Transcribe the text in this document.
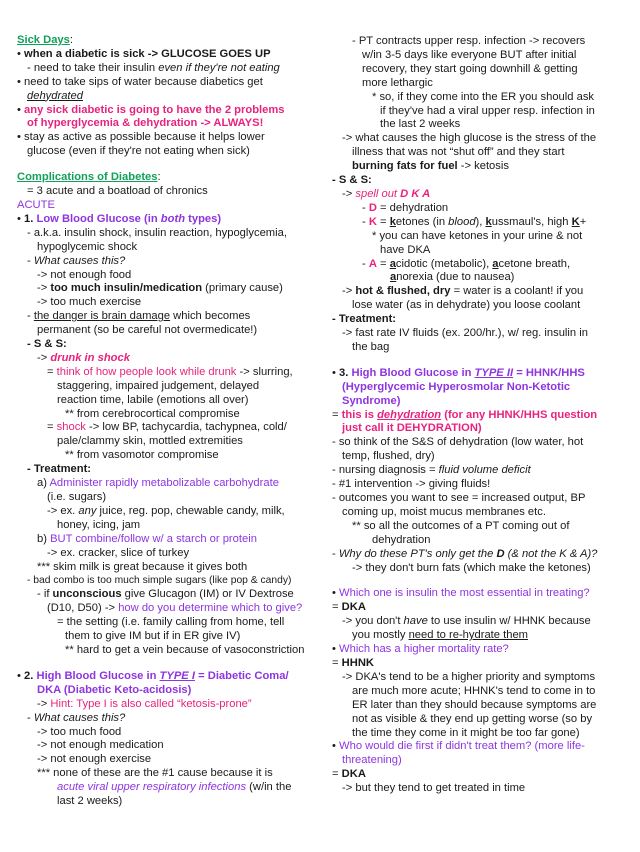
Sick Days:
• when a diabetic is sick -> GLUCOSE GOES UP
- need to take their insulin even if they're not eating
• need to take sips of water because diabetics get
dehydrated
• any sick diabetic is going to have the 2 problems
of hyperglycemia & dehydration -> ALWAYS!
• stay as active as possible because it helps lower
glucose (even if they're not eating when sick)
Complications of Diabetes:
= 3 acute and a boatload of chronics
ACUTE
• 1. Low Blood Glucose (in both types)
- a.k.a. insulin shock, insulin reaction, hypoglycemia,
hypoglycemic shock
- What causes this?
-> not enough food
-> too much insulin/medication (primary cause)
-> too much exercise
- the danger is brain damage which becomes
permanent (so be careful not overmedicate!)
- S & S:
-> drunk in shock
= think of how people look while drunk -> slurring,
staggering, impaired judgement, delayed
reaction time, labile (emotions all over)
** from cerebrocortical compromise
= shock -> low BP, tachycardia, tachypnea, cold/
pale/clammy skin, mottled extremities
** from vasomotor compromise
- Treatment:
a) Administer rapidly metabolizable carbohydrate
(i.e. sugars)
-> ex. any juice, reg. pop, chewable candy, milk,
honey, icing, jam
b) BUT combine/follow w/ a starch or protein
-> ex. cracker, slice of turkey
*** skim milk is great because it gives both
- bad combo is too much simple sugars (like pop & candy)
- if unconscious give Glucagon (IM) or IV Dextrose
(D10, D50) -> how do you determine which to give?
= the setting (i.e. family calling from home, tell
them to give IM but if in ER give IV)
** hard to get a vein because of vasoconstriction
• 2. High Blood Glucose in TYPE I = Diabetic Coma/
DKA (Diabetic Keto-acidosis)
-> Hint: Type I is also called “ketosis-prone”
- What causes this?
-> too much food
-> not enough medication
-> not enough exercise
*** none of these are the #1 cause because it is
acute viral upper respiratory infections (w/in the
last 2 weeks)
- PT contracts upper resp. infection -> recovers
w/in 3-5 days like everyone BUT after initial
recovery, they start going downhill & getting
more lethargic
* so, if they come into the ER you should ask
if they've had a viral upper resp. infection in
the last 2 weeks
-> what causes the high glucose is the stress of the
illness that was not “shut off” and they start
burning fats for fuel -> ketosis
- S & S:
-> spell out D K A
- D = dehydration
- K = ketones (in blood), kussmaul's, high K+
* you can have ketones in your urine & not
have DKA
- A = acidotic (metabolic), acetone breath,
anorexia (due to nausea)
-> hot & flushed, dry = water is a coolant! if you
lose water (as in dehydrate) you loose coolant
- Treatment:
-> fast rate IV fluids (ex. 200/hr.), w/ reg. insulin in
the bag
• 3. High Blood Glucose in TYPE II = HHNK/HHS
(Hyperglycemic Hyperosmolar Non-Ketotic
Syndrome)
= this is dehydration (for any HHNK/HHS question
just call it DEHYDRATION)
- so think of the S&S of dehydration (low water, hot
temp, flushed, dry)
- nursing diagnosis = fluid volume deficit
- #1 intervention -> giving fluids!
- outcomes you want to see = increased output, BP
coming up, moist mucus membranes etc.
** so all the outcomes of a PT coming out of
dehydration
- Why do these PT's only get the D (& not the K & A)?
-> they don't burn fats (which make the ketones)
• Which one is insulin the most essential in treating?
= DKA
-> you don't have to use insulin w/ HHNK because
you mostly need to re-hydrate them
• Which has a higher mortality rate?
= HHNK
-> DKA's tend to be a higher priority and symptoms
are much more acute; HHNK's tend to come in to
ER later than they should because symptoms are
not as visible & they end up getting worse (so by
the time they come in it might be too far gone)
• Who would die first if didn't treat them? (more life-
threatening)
= DKA
-> but they tend to get treated in time
